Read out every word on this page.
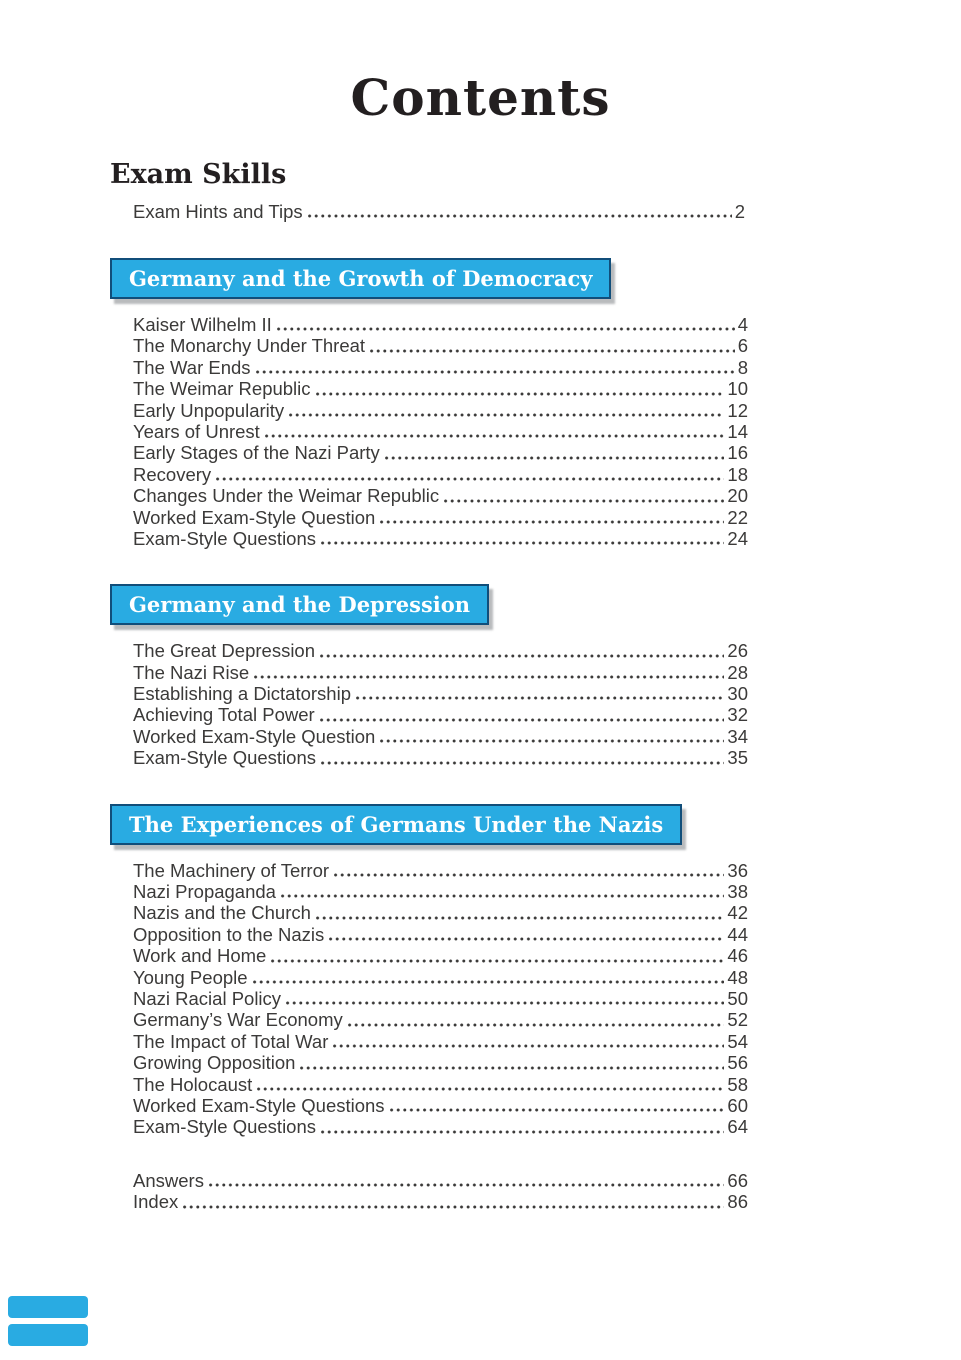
Contents
Exam Skills
Exam Hints and Tips	2
Germany and the Growth of Democracy
Kaiser Wilhelm II	4
The Monarchy Under Threat	6
The War Ends	8
The Weimar Republic	10
Early Unpopularity	12
Years of Unrest	14
Early Stages of the Nazi Party	16
Recovery	18
Changes Under the Weimar Republic	20
Worked Exam-Style Question	22
Exam-Style Questions	24
Germany and the Depression
The Great Depression	26
The Nazi Rise	28
Establishing a Dictatorship	30
Achieving Total Power	32
Worked Exam-Style Question	34
Exam-Style Questions	35
The Experiences of Germans Under the Nazis
The Machinery of Terror	36
Nazi Propaganda	38
Nazis and the Church	42
Opposition to the Nazis	44
Work and Home	46
Young People	48
Nazi Racial Policy	50
Germany’s War Economy	52
The Impact of Total War	54
Growing Opposition	56
The Holocaust	58
Worked Exam-Style Questions	60
Exam-Style Questions	64
Answers	66
Index	86
